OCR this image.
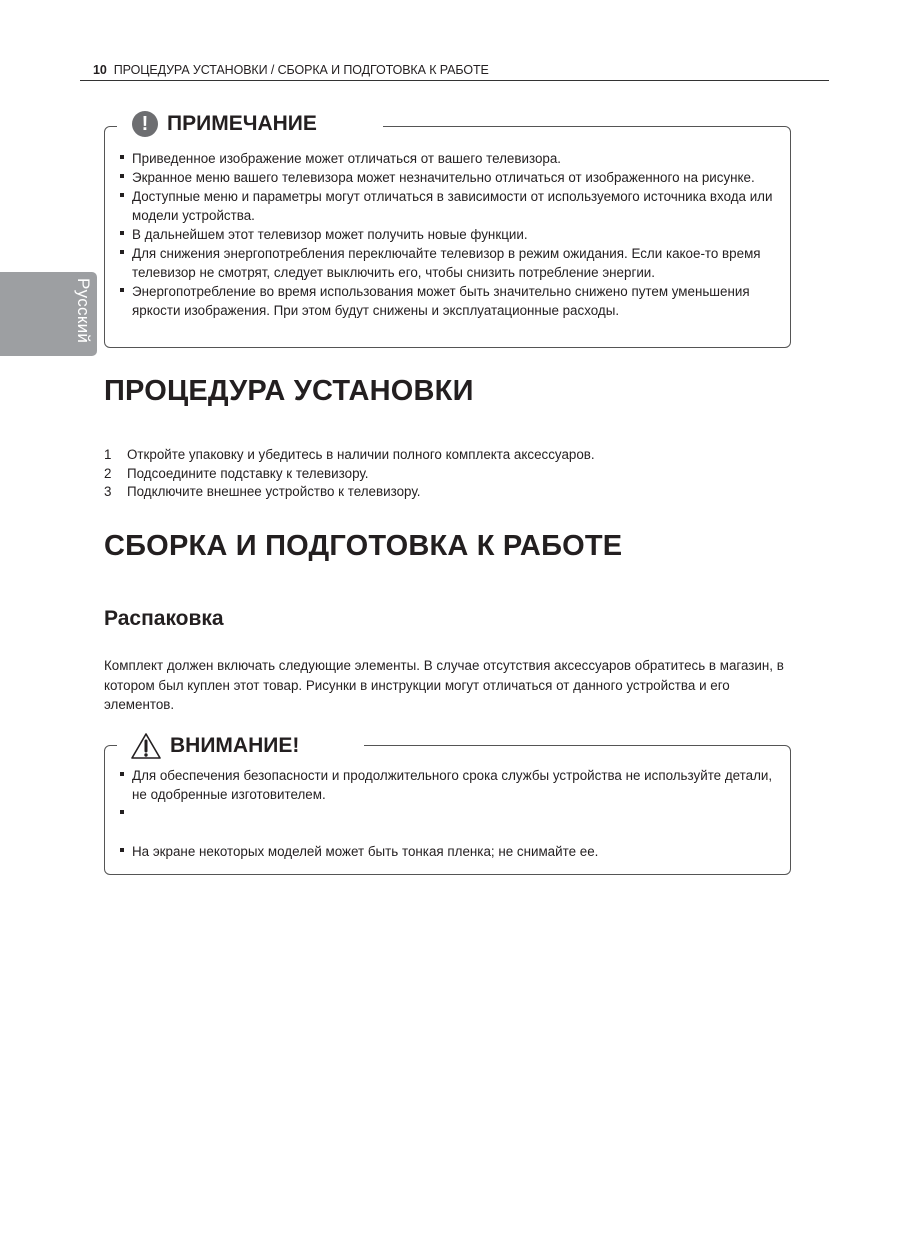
10 ПРОЦЕДУРА УСТАНОВКИ / СБОРКА И ПОДГОТОВКА К РАБОТЕ
Русский
! ПРИМЕЧАНИЕ
Приведенное изображение может отличаться от вашего телевизора.
Экранное меню вашего телевизора может незначительно отличаться от изображенного на рисунке.
Доступные меню и параметры могут отличаться в зависимости от используемого источника входа или модели устройства.
В дальнейшем этот телевизор может получить новые функции.
Для снижения энергопотребления переключайте телевизор в режим ожидания. Если какое-то время телевизор не смотрят, следует выключить его, чтобы снизить потребление энергии.
Энергопотребление во время использования может быть значительно снижено путем уменьшения яркости изображения. При этом будут снижены и эксплуатационные расходы.
ПРОЦЕДУРА УСТАНОВКИ
1	Откройте упаковку и убедитесь в наличии полного комплекта аксессуаров.
2	Подсоедините подставку к телевизору.
3	Подключите внешнее устройство к телевизору.
СБОРКА И ПОДГОТОВКА К РАБОТЕ
Распаковка

Комплект должен включать следующие элементы. В случае отсутствия аксессуаров обратитесь в магазин, в котором был куплен этот товар. Рисунки в инструкции могут отличаться от данного устройства и его элементов.

ВНИМАНИЕ!
Для обеспечения безопасности и продолжительного срока службы устройства не используйте детали, не одобренные изготовителем.
На экране некоторых моделей может быть тонкая пленка; не снимайте ее.
